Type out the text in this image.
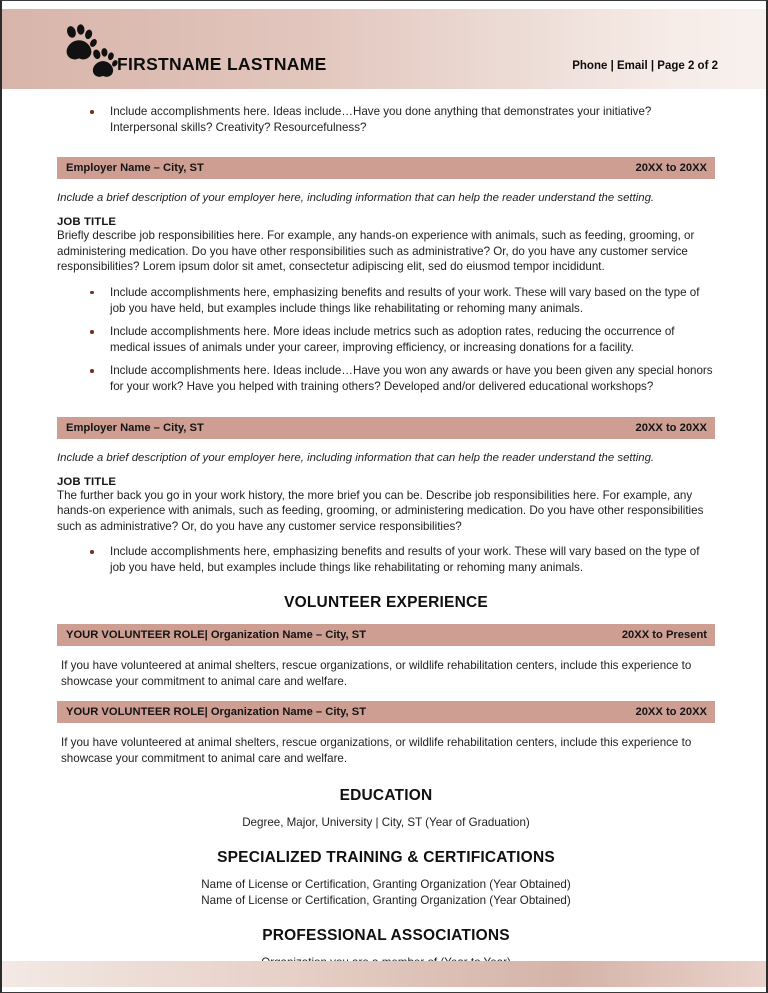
FIRSTNAME LASTNAME	Phone | Email | Page 2 of 2
Include accomplishments here. Ideas include…Have you done anything that demonstrates your initiative? Interpersonal skills? Creativity? Resourcefulness?
Employer Name – City, ST	20XX to 20XX

Include a brief description of your employer here, including information that can help the reader understand the setting.

JOB TITLE

Briefly describe job responsibilities here. For example, any hands-on experience with animals, such as feeding, grooming, or administering medication. Do you have other responsibilities such as administrative? Or, do you have any customer service responsibilities? Lorem ipsum dolor sit amet, consectetur adipiscing elit, sed do eiusmod tempor incididunt.

Include accomplishments here, emphasizing benefits and results of your work. These will vary based on the type of job you have held, but examples include things like rehabilitating or rehoming many animals.
Include accomplishments here. More ideas include metrics such as adoption rates, reducing the occurrence of medical issues of animals under your career, improving efficiency, or increasing donations for a facility.
Include accomplishments here. Ideas include…Have you won any awards or have you been given any special honors for your work? Have you helped with training others? Developed and/or delivered educational workshops?
Employer Name – City, ST	20XX to 20XX

Include a brief description of your employer here, including information that can help the reader understand the setting.

JOB TITLE

The further back you go in your work history, the more brief you can be. Describe job responsibilities here. For example, any hands-on experience with animals, such as feeding, grooming, or administering medication. Do you have other responsibilities such as administrative? Or, do you have any customer service responsibilities?

Include accomplishments here, emphasizing benefits and results of your work. These will vary based on the type of job you have held, but examples include things like rehabilitating or rehoming many animals.
VOLUNTEER EXPERIENCE
YOUR VOLUNTEER ROLE| Organization Name – City, ST	20XX to Present

If you have volunteered at animal shelters, rescue organizations, or wildlife rehabilitation centers, include this experience to showcase your commitment to animal care and welfare.

YOUR VOLUNTEER ROLE| Organization Name – City, ST	20XX to 20XX

If you have volunteered at animal shelters, rescue organizations, or wildlife rehabilitation centers, include this experience to showcase your commitment to animal care and welfare.

EDUCATION

Degree, Major, University | City, ST (Year of Graduation)

SPECIALIZED TRAINING & CERTIFICATIONS

Name of License or Certification, Granting Organization (Year Obtained)

Name of License or Certification, Granting Organization (Year Obtained)

PROFESSIONAL ASSOCIATIONS
